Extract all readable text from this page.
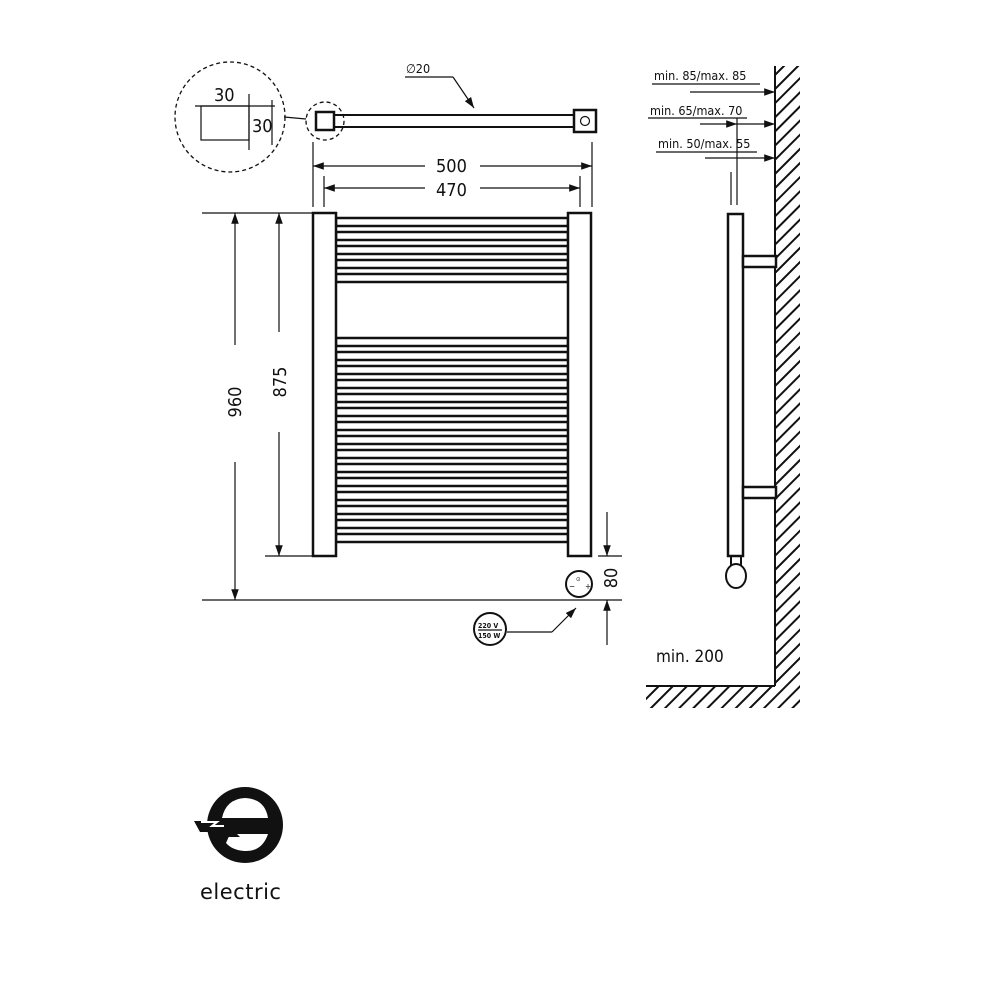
30
30
∅20
500
470
⊙
− +
960
875
80
220 V
150 W
min. 85/max. 85
min. 65/max. 70
min. 50/max. 55
min. 200
electric
